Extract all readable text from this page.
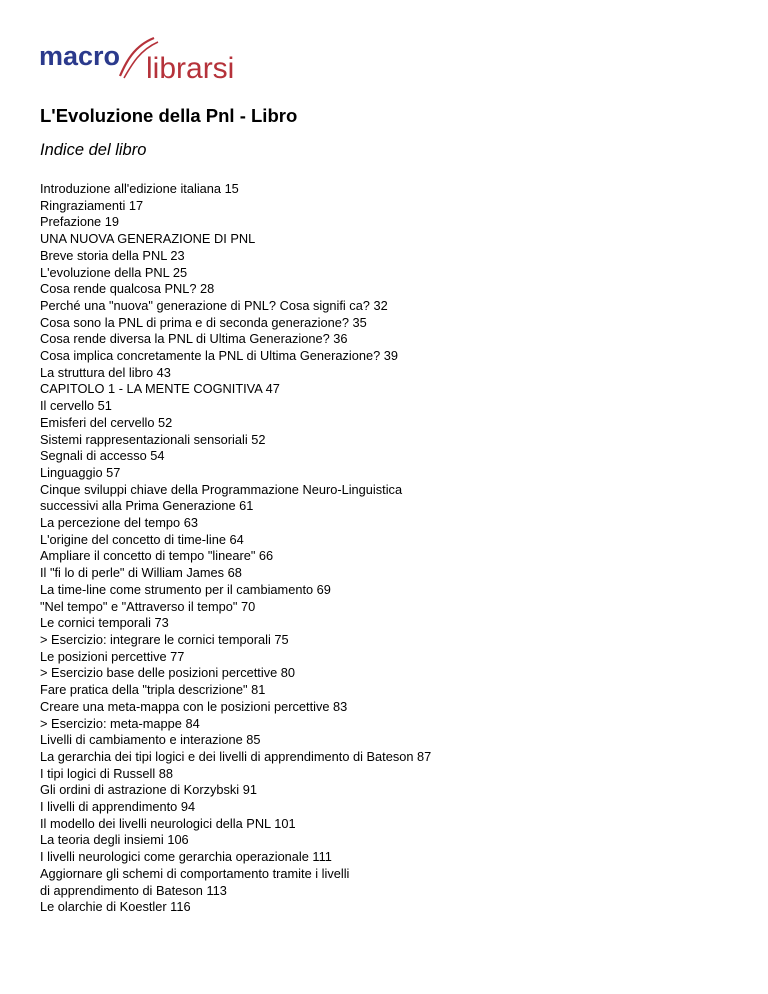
macro librarsi
L'Evoluzione della Pnl - Libro
Indice del libro
Introduzione all'edizione italiana 15
Ringraziamenti 17
Prefazione 19
UNA NUOVA GENERAZIONE DI PNL
Breve storia della PNL 23
L'evoluzione della PNL 25
Cosa rende qualcosa PNL? 28
Perché una "nuova" generazione di PNL? Cosa signifi ca? 32
Cosa sono la PNL di prima e di seconda generazione? 35
Cosa rende diversa la PNL di Ultima Generazione? 36
Cosa implica concretamente la PNL di Ultima Generazione? 39
La struttura del libro 43
CAPITOLO 1 - LA MENTE COGNITIVA 47
Il cervello 51
Emisferi del cervello 52
Sistemi rappresentazionali sensoriali 52
Segnali di accesso 54
Linguaggio 57
Cinque sviluppi chiave della Programmazione Neuro-Linguistica
successivi alla Prima Generazione 61
La percezione del tempo 63
L'origine del concetto di time-line 64
Ampliare il concetto di tempo "lineare" 66
Il "fi lo di perle" di William James 68
La time-line come strumento per il cambiamento 69
"Nel tempo" e "Attraverso il tempo" 70
Le cornici temporali 73
> Esercizio: integrare le cornici temporali 75
Le posizioni percettive 77
> Esercizio base delle posizioni percettive 80
Fare pratica della "tripla descrizione" 81
Creare una meta-mappa con le posizioni percettive 83
> Esercizio: meta-mappe 84
Livelli di cambiamento e interazione 85
La gerarchia dei tipi logici e dei livelli di apprendimento di Bateson 87
I tipi logici di Russell 88
Gli ordini di astrazione di Korzybski 91
I livelli di apprendimento 94
Il modello dei livelli neurologici della PNL 101
La teoria degli insiemi 106
I livelli neurologici come gerarchia operazionale 111
Aggiornare gli schemi di comportamento tramite i livelli
di apprendimento di Bateson 113
Le olarchie di Koestler 116
